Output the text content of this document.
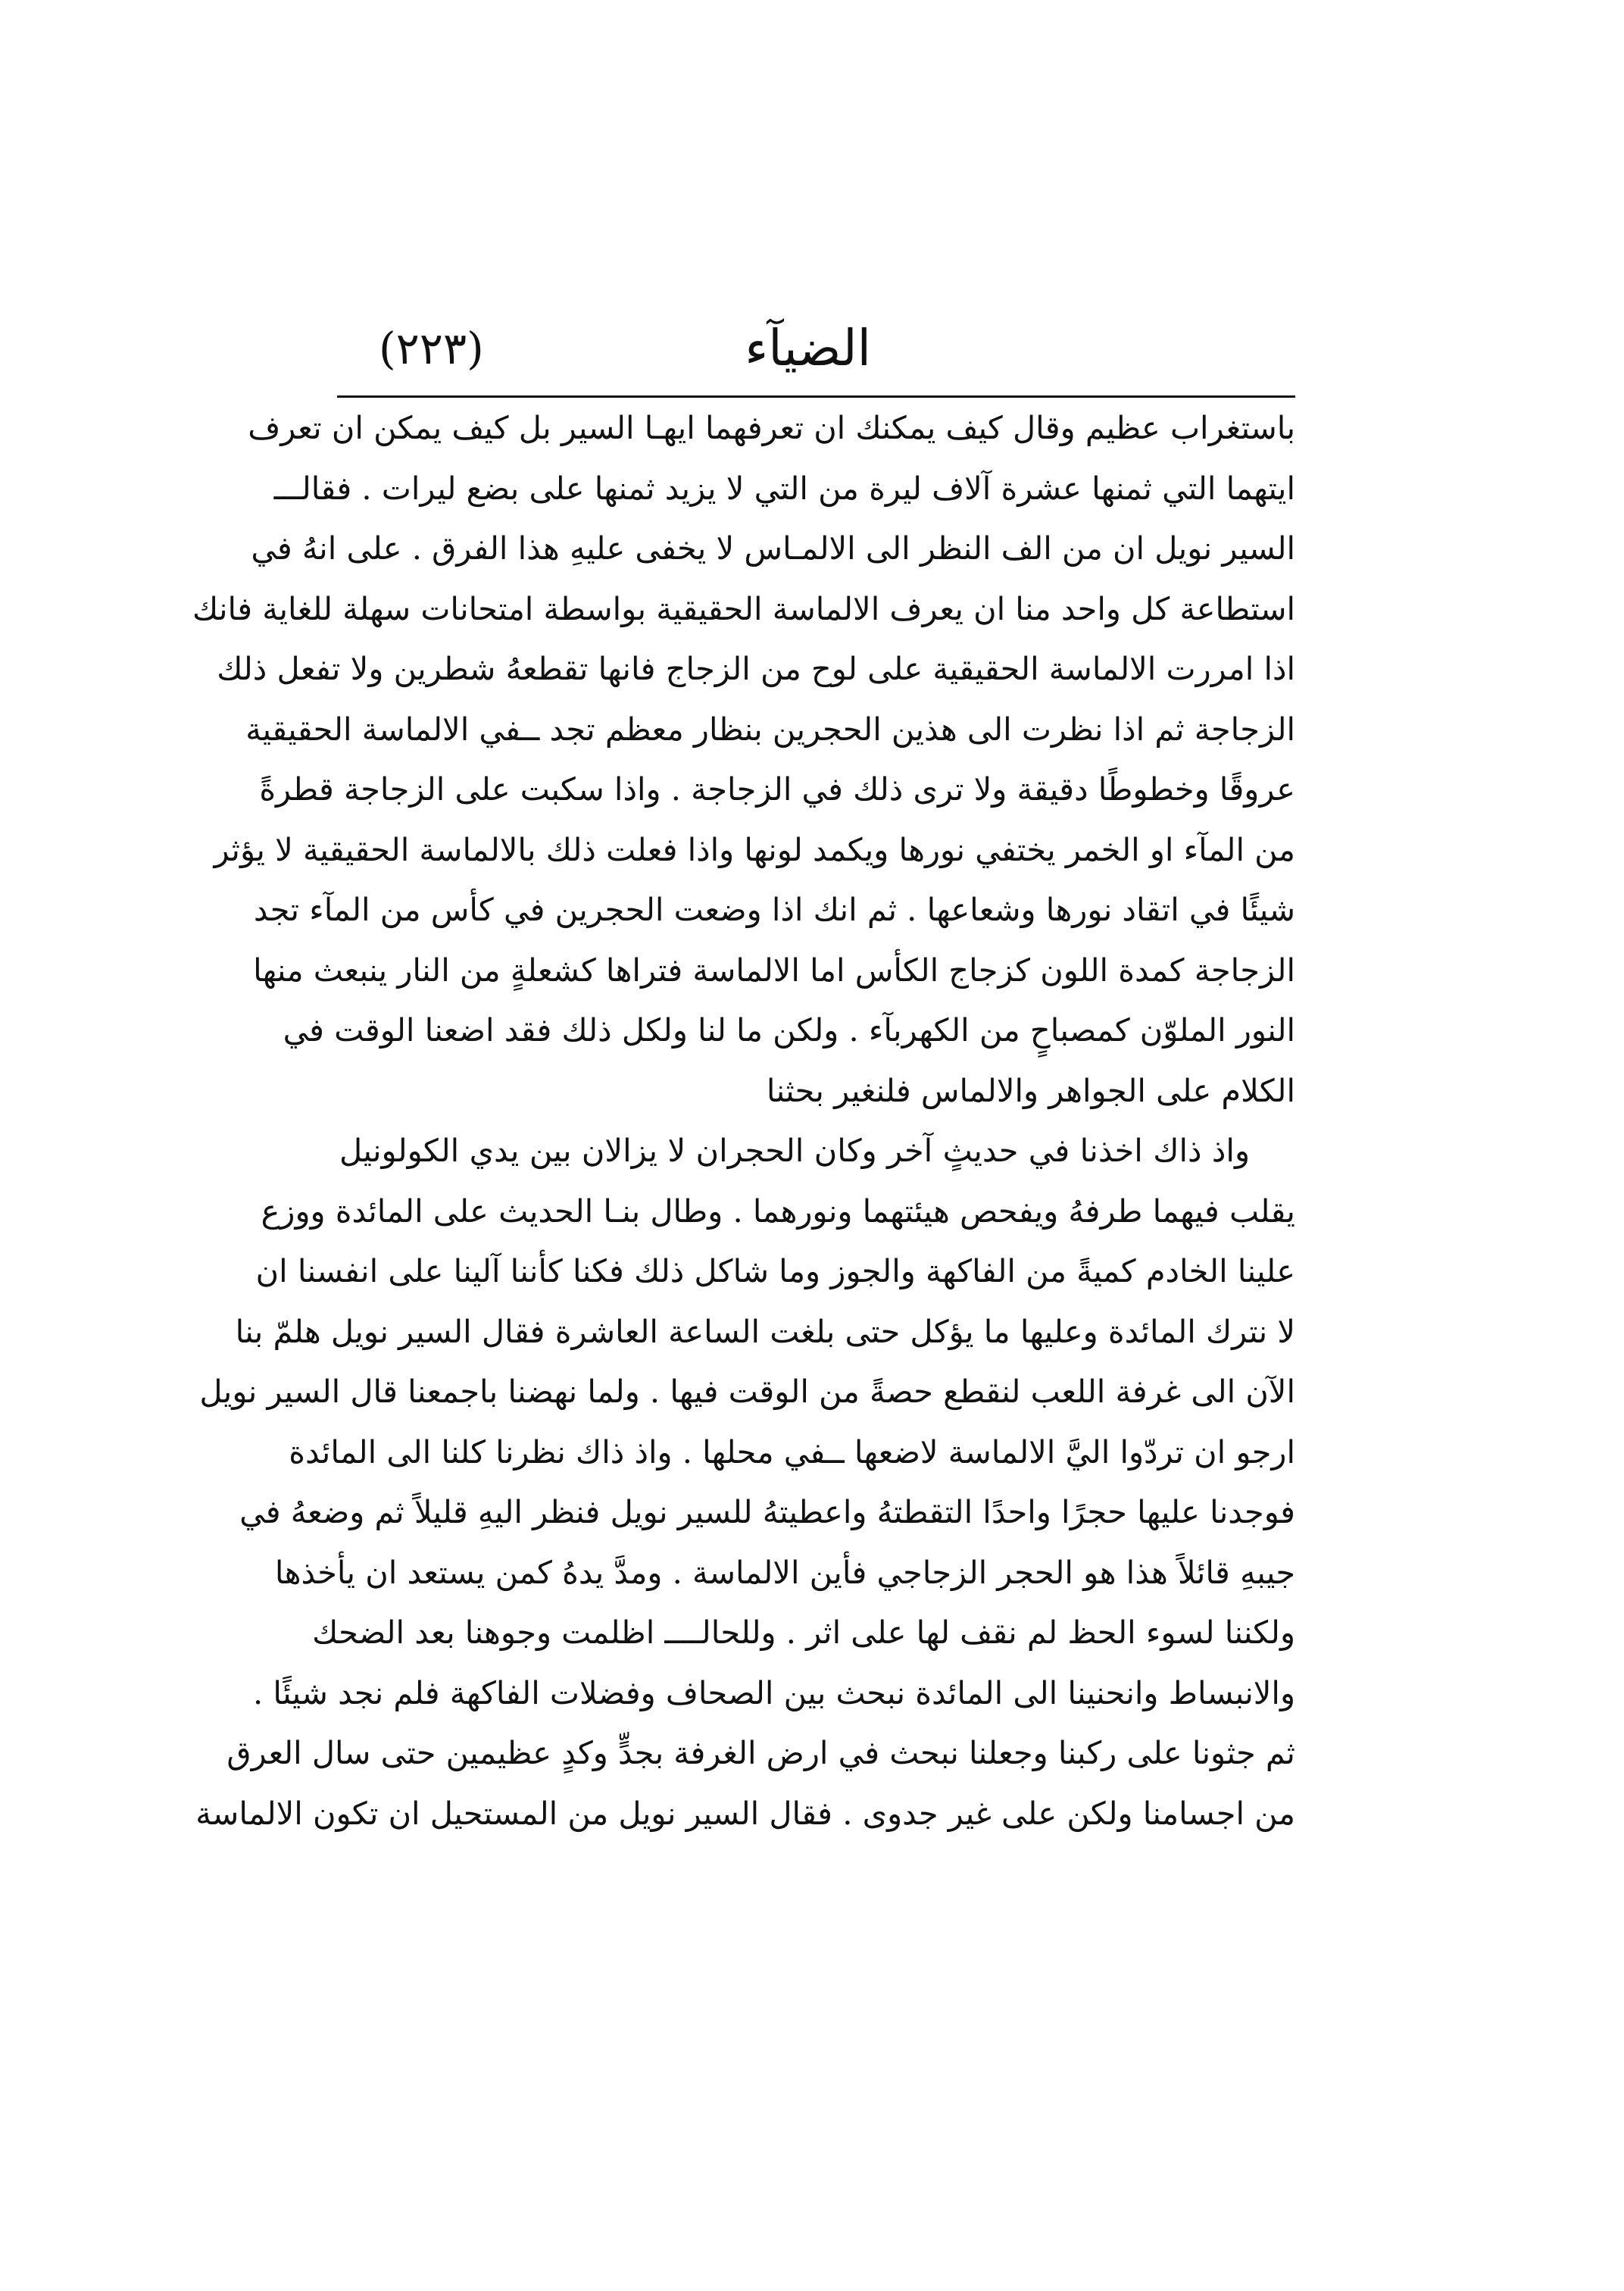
الضيآء
(٢٢٣)
باستغراب عظيم وقال كيف يمكنك ان تعرفهما ايهـا السير بل كيف يمكن ان تعرف
ايتهما التي ثمنها عشرة آلاف ليرة من التي لا يزيد ثمنها على بضع ليرات . فقالـــ
السير نويل ان من الف النظر الى الالمـاس لا يخفى عليهِ هذا الفرق . على انهُ في
استطاعة كل واحد منا ان يعرف الالماسة الحقيقية بواسطة امتحانات سهلة للغاية فانك
اذا امررت الالماسة الحقيقية على لوح من الزجاج فانها تقطعهُ شطرين ولا تفعل ذلك
الزجاجة ثم اذا نظرت الى هذين الحجرين بنظار معظم تجد ــفي الالماسة الحقيقية
عروقًا وخطوطًا دقيقة ولا ترى ذلك في الزجاجة . واذا سكبت على الزجاجة قطرةً
من المآء او الخمر يختفي نورها ويكمد لونها واذا فعلت ذلك بالالماسة الحقيقية لا يؤثر
شيئًا في اتقاد نورها وشعاعها . ثم انك اذا وضعت الحجرين في كأس من المآء تجد
الزجاجة كمدة اللون كزجاج الكأس اما الالماسة فتراها كشعلةٍ من النار ينبعث منها
النور الملوّن كمصباحٍ من الكهربآء . ولكن ما لنا ولكل ذلك فقد اضعنا الوقت في
الكلام على الجواهر والالماس فلنغير بحثنا
واذ ذاك اخذنا في حديثٍ آخر وكان الحجران لا يزالان بين يدي الكولونيل
يقلب فيهما طرفهُ ويفحص هيئتهما ونورهما . وطال بنـا الحديث على المائدة ووزع
علينا الخادم كميةً من الفاكهة والجوز وما شاكل ذلك فكنا كأننا آلينا على انفسنا ان
لا نترك المائدة وعليها ما يؤكل حتى بلغت الساعة العاشرة فقال السير نويل هلمّ بنا
الآن الى غرفة اللعب لنقطع حصةً من الوقت فيها . ولما نهضنا باجمعنا قال السير نويل
ارجو ان تردّوا اليَّ الالماسة لاضعها ــفي محلها . واذ ذاك نظرنا كلنا الى المائدة
فوجدنا عليها حجرًا واحدًا التقطتهُ واعطيتهُ للسير نويل فنظر اليهِ قليلاً ثم وضعهُ في
جيبهِ قائلاً هذا هو الحجر الزجاجي فأين الالماسة . ومدَّ يدهُ كمن يستعد ان يأخذها
ولكننا لسوء الحظ لم نقف لها على اثر . وللحالــــ اظلمت وجوهنا بعد الضحك
والانبساط وانحنينا الى المائدة نبحث بين الصحاف وفضلات الفاكهة فلم نجد شيئًا .
ثم جثونا على ركبنا وجعلنا نبحث في ارض الغرفة بجدٍّ وكدٍ عظيمين حتى سال العرق
من اجسامنا ولكن على غير جدوى . فقال السير نويل من المستحيل ان تكون الالماسة
